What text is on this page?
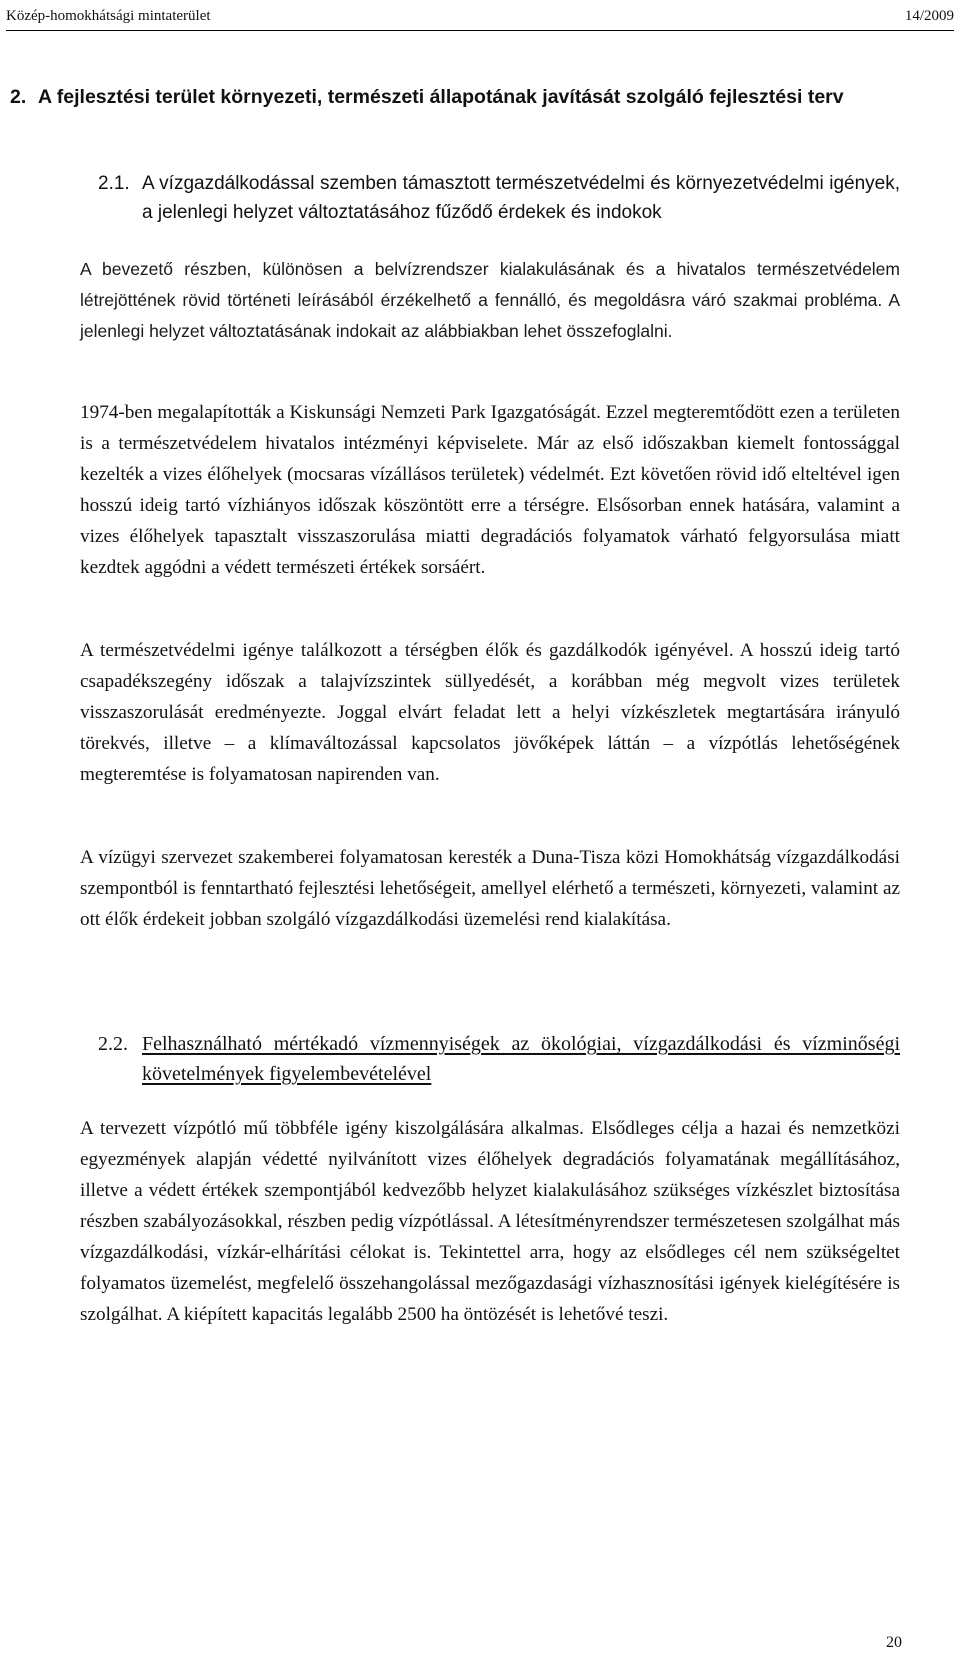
Közép-homokhátsági mintaterület	14/2009
2. A fejlesztési terület környezeti, természeti állapotának javítását szolgáló fejlesztési terv
2.1. A vízgazdálkodással szemben támasztott természetvédelmi és környezetvédelmi igények, a jelenlegi helyzet változtatásához fűződő érdekek és indokok

A bevezető részben, különösen a belvízrendszer kialakulásának és a hivatalos természetvédelem létrejöttének rövid történeti leírásából érzékelhető a fennálló, és megoldásra váró szakmai probléma. A jelenlegi helyzet változtatásának indokait az alábbiakban lehet összefoglalni.

1974-ben megalapították a Kiskunsági Nemzeti Park Igazgatóságát. Ezzel megteremtődött ezen a területen is a természetvédelem hivatalos intézményi képviselete. Már az első időszakban kiemelt fontossággal kezelték a vizes élőhelyek (mocsaras vízállásos területek) védelmét. Ezt követően rövid idő elteltével igen hosszú ideig tartó vízhiányos időszak köszöntött erre a térségre. Elsősorban ennek hatására, valamint a vizes élőhelyek tapasztalt visszaszorulása miatti degradációs folyamatok várható felgyorsulása miatt kezdtek aggódni a védett természeti értékek sorsáért.

A természetvédelmi igénye találkozott a térségben élők és gazdálkodók igényével. A hosszú ideig tartó csapadékszegény időszak a talajvízszintek süllyedését, a korábban még megvolt vizes területek visszaszorulását eredményezte. Joggal elvárt feladat lett a helyi vízkészletek megtartására irányuló törekvés, illetve – a klímaváltozással kapcsolatos jövőképek láttán – a vízpótlás lehetőségének megteremtése is folyamatosan napirenden van.

A vízügyi szervezet szakemberei folyamatosan keresték a Duna-Tisza közi Homokhátság vízgazdálkodási szempontból is fenntartható fejlesztési lehetőségeit, amellyel elérhető a természeti, környezeti, valamint az ott élők érdekeit jobban szolgáló vízgazdálkodási üzemelési rend kialakítása.

2.2. Felhasználható mértékadó vízmennyiségek az ökológiai, vízgazdálkodási és vízminőségi követelmények figyelembevételével

A tervezett vízpótló mű többféle igény kiszolgálására alkalmas. Elsődleges célja a hazai és nemzetközi egyezmények alapján védetté nyilvánított vizes élőhelyek degradációs folyamatának megállításához, illetve a védett értékek szempontjából kedvezőbb helyzet kialakulásához szükséges vízkészlet biztosítása részben szabályozásokkal, részben pedig vízpótlással. A létesítményrendszer természetesen szolgálhat más vízgazdálkodási, vízkár-elhárítási célokat is. Tekintettel arra, hogy az elsődleges cél nem szükségeltet folyamatos üzemelést, megfelelő összehangolással mezőgazdasági vízhasznosítási igények kielégítésére is szolgálhat. A kiépített kapacitás legalább 2500 ha öntözését is lehetővé teszi.

20
